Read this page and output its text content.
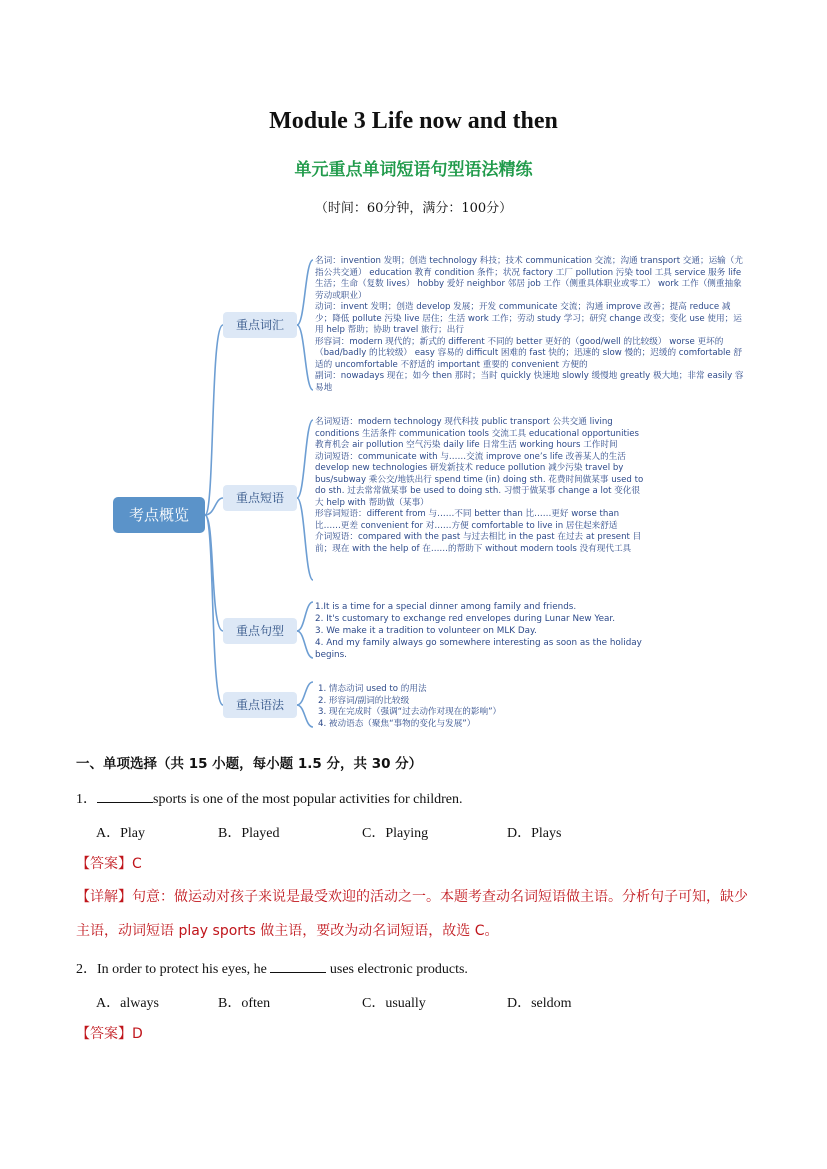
Module 3 Life now and then
单元重点单词短语句型语法精练
（时间：60分钟，满分：100分）
考点概览
重点词汇
名词：invention 发明；创造 technology 科技；技术 communication 交流；沟通 transport 交通；运输（尤指公共交通） education 教育 condition 条件；状况 factory 工厂 pollution 污染 tool 工具 service 服务 life 生活；生命（复数 lives） hobby 爱好 neighbor 邻居 job 工作（侧重具体职业或零工） work 工作（侧重抽象劳动或职业）
动词：invent 发明；创造 develop 发展；开发 communicate 交流；沟通 improve 改善；提高 reduce 减少；降低 pollute 污染 live 居住；生活 work 工作；劳动 study 学习；研究 change 改变；变化 use 使用；运用 help 帮助；协助 travel 旅行；出行
形容词：modern 现代的；新式的 different 不同的 better 更好的（good/well 的比较级） worse 更坏的（bad/badly 的比较级） easy 容易的 difficult 困难的 fast 快的；迅速的 slow 慢的；迟缓的 comfortable 舒适的 uncomfortable 不舒适的 important 重要的 convenient 方便的
副词：nowadays 现在；如今 then 那时；当时 quickly 快速地 slowly 缓慢地 greatly 极大地；非常 easily 容易地
重点短语
名词短语：modern technology 现代科技 public transport 公共交通 living conditions 生活条件 communication tools 交流工具 educational opportunities 教育机会 air pollution 空气污染 daily life 日常生活 working hours 工作时间
动词短语：communicate with 与……交流 improve one’s life 改善某人的生活 develop new technologies 研发新技术 reduce pollution 减少污染 travel by bus/subway 乘公交/地铁出行 spend time (in) doing sth. 花费时间做某事 used to do sth. 过去常常做某事 be used to doing sth. 习惯于做某事 change a lot 变化很大 help with 帮助做（某事）
形容词短语：different from 与……不同 better than 比……更好 worse than 比……更差 convenient for 对……方便 comfortable to live in 居住起来舒适
介词短语：compared with the past 与过去相比 in the past 在过去 at present 目前；现在 with the help of 在……的帮助下 without modern tools 没有现代工具
重点句型
1.It is a time for a special dinner among family and friends.
2. It's customary to exchange red envelopes during Lunar New Year.
3. We make it a tradition to volunteer on MLK Day.
4. And my family always go somewhere interesting as soon as the holiday begins.
重点语法
1. 情态动词 used to 的用法
2. 形容词/副词的比较级
3. 现在完成时（强调“过去动作对现在的影响”）
4. 被动语态（聚焦“事物的变化与发展”）
一、单项选择（共 15 小题，每小题 1.5 分，共 30 分）
1．	sports is one of the most popular activities for children.
A．Play	B．Played	C．Playing	D．Plays
【答案】C
【详解】句意：做运动对孩子来说是最受欢迎的活动之一。本题考查动名词短语做主语。分析句子可知，缺少主语，动词短语 play sports 做主语，要改为动名词短语，故选 C。
2．In order to protect his eyes, he	uses electronic products.
A．always	B．often	C．usually	D．seldom
【答案】D
